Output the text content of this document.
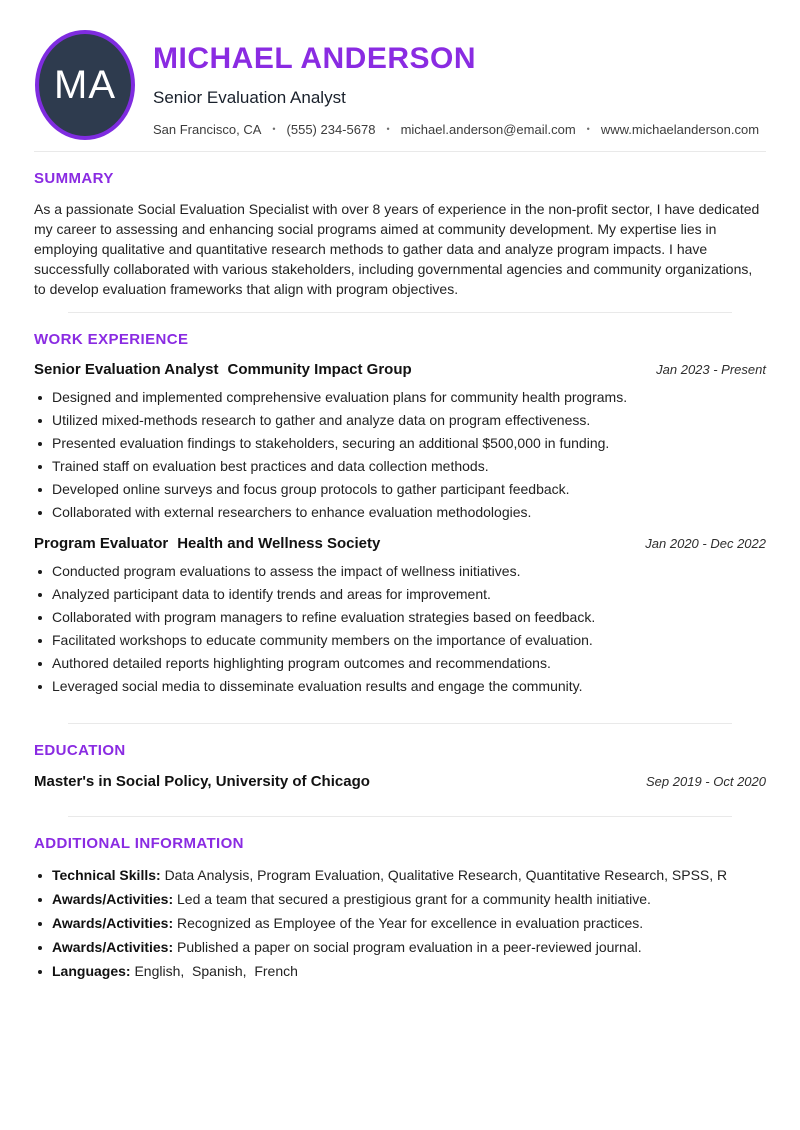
MA
MICHAEL ANDERSON
Senior Evaluation Analyst
San Francisco, CA • (555) 234-5678 • michael.anderson@email.com • www.michaelanderson.com
SUMMARY

As a passionate Social Evaluation Specialist with over 8 years of experience in the non-profit sector, I have dedicated my career to assessing and enhancing social programs aimed at community development. My expertise lies in employing qualitative and quantitative research methods to gather data and analyze program impacts. I have successfully collaborated with various stakeholders, including governmental agencies and community organizations, to develop evaluation frameworks that align with program objectives.

WORK EXPERIENCE
Senior Evaluation Analyst Community Impact Group	Jan 2023 - Present
Designed and implemented comprehensive evaluation plans for community health programs.
Utilized mixed-methods research to gather and analyze data on program effectiveness.
Presented evaluation findings to stakeholders, securing an additional $500,000 in funding.
Trained staff on evaluation best practices and data collection methods.
Developed online surveys and focus group protocols to gather participant feedback.
Collaborated with external researchers to enhance evaluation methodologies.
Program Evaluator Health and Wellness Society	Jan 2020 - Dec 2022
Conducted program evaluations to assess the impact of wellness initiatives.
Analyzed participant data to identify trends and areas for improvement.
Collaborated with program managers to refine evaluation strategies based on feedback.
Facilitated workshops to educate community members on the importance of evaluation.
Authored detailed reports highlighting program outcomes and recommendations.
Leveraged social media to disseminate evaluation results and engage the community.
EDUCATION
Master's in Social Policy, University of Chicago	Sep 2019 - Oct 2020
ADDITIONAL INFORMATION
Technical Skills: Data Analysis, Program Evaluation, Qualitative Research, Quantitative Research, SPSS, R
Awards/Activities: Led a team that secured a prestigious grant for a community health initiative.
Awards/Activities: Recognized as Employee of the Year for excellence in evaluation practices.
Awards/Activities: Published a paper on social program evaluation in a peer-reviewed journal.
Languages: English,  Spanish,  French
